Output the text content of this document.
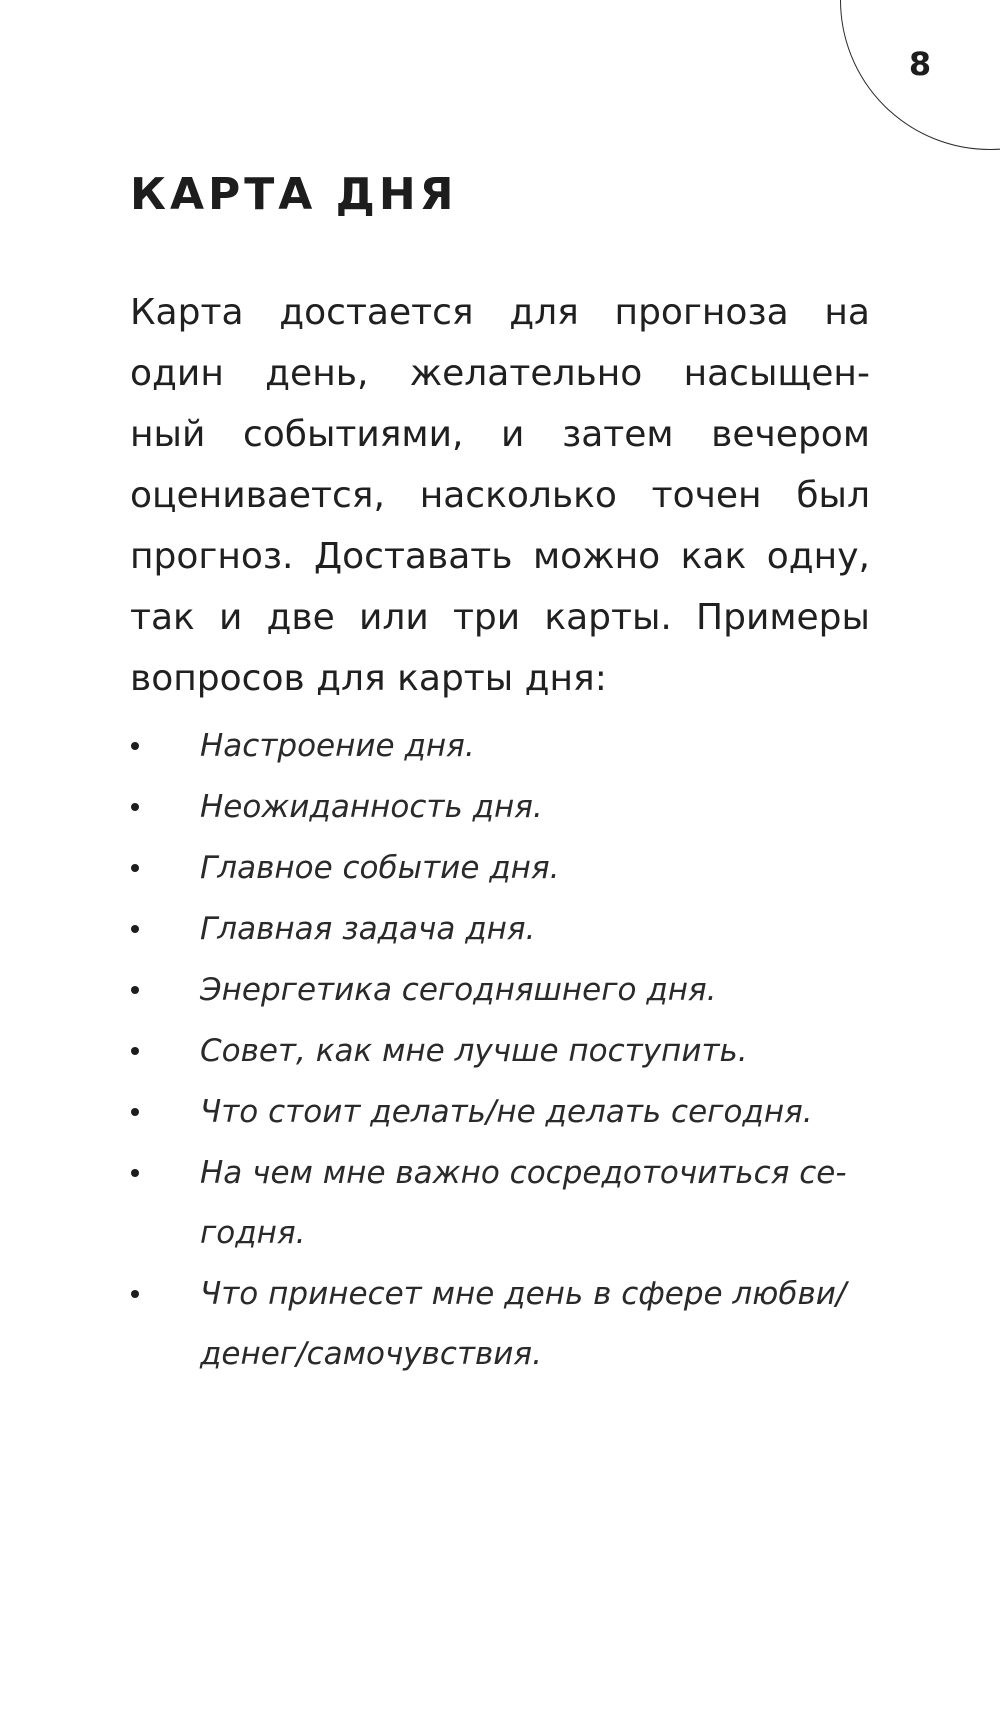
8
КАРТА ДНЯ
Карта достается для прогноза на
один день, желательно насыщен-
ный событиями, и затем вечером
оценивается, насколько точен был
прогноз. Доставать можно как одну,
так и две или три карты. Примеры
вопросов для карты дня:
Настроение дня.
Неожиданность дня.
Главное событие дня.
Главная задача дня.
Энергетика сегодняшнего дня.
Совет, как мне лучше поступить.
Что стоит делать/не делать сегодня.
На чем мне важно сосредоточиться се-
годня.
Что принесет мне день в сфере любви/
денег/самочувствия.
